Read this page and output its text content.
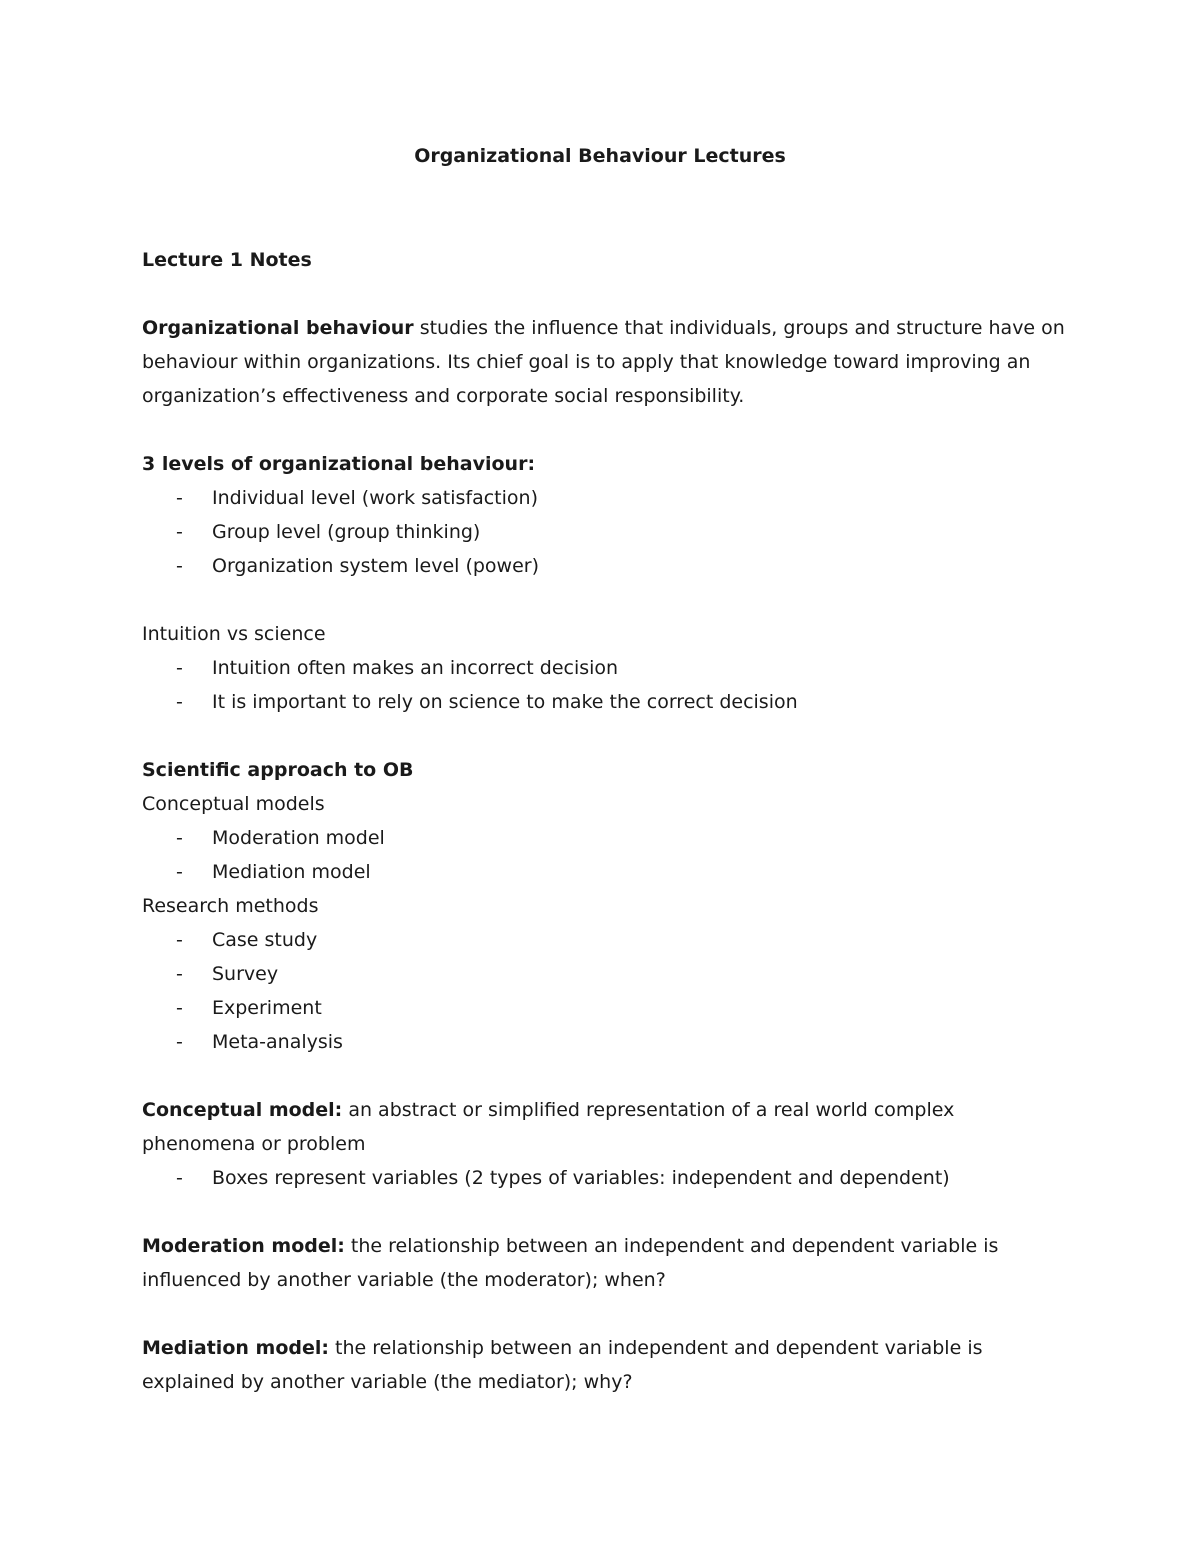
Organizational Behaviour Lectures

Lecture 1 Notes

Organizational behaviour studies the influence that individuals, groups and structure have on

behaviour within organizations. Its chief goal is to apply that knowledge toward improving an

organization’s effectiveness and corporate social responsibility.

3 levels of organizational behaviour:

- Individual level (work satisfaction)

- Group level (group thinking)

- Organization system level (power)

Intuition vs science

- Intuition often makes an incorrect decision

- It is important to rely on science to make the correct decision

Scientific approach to OB

Conceptual models

- Moderation model

- Mediation model

Research methods

- Case study

- Survey

- Experiment

- Meta-analysis

Conceptual model: an abstract or simplified representation of a real world complex

phenomena or problem

- Boxes represent variables (2 types of variables: independent and dependent)

Moderation model: the relationship between an independent and dependent variable is

influenced by another variable (the moderator); when?

Mediation model: the relationship between an independent and dependent variable is

explained by another variable (the mediator); why?
